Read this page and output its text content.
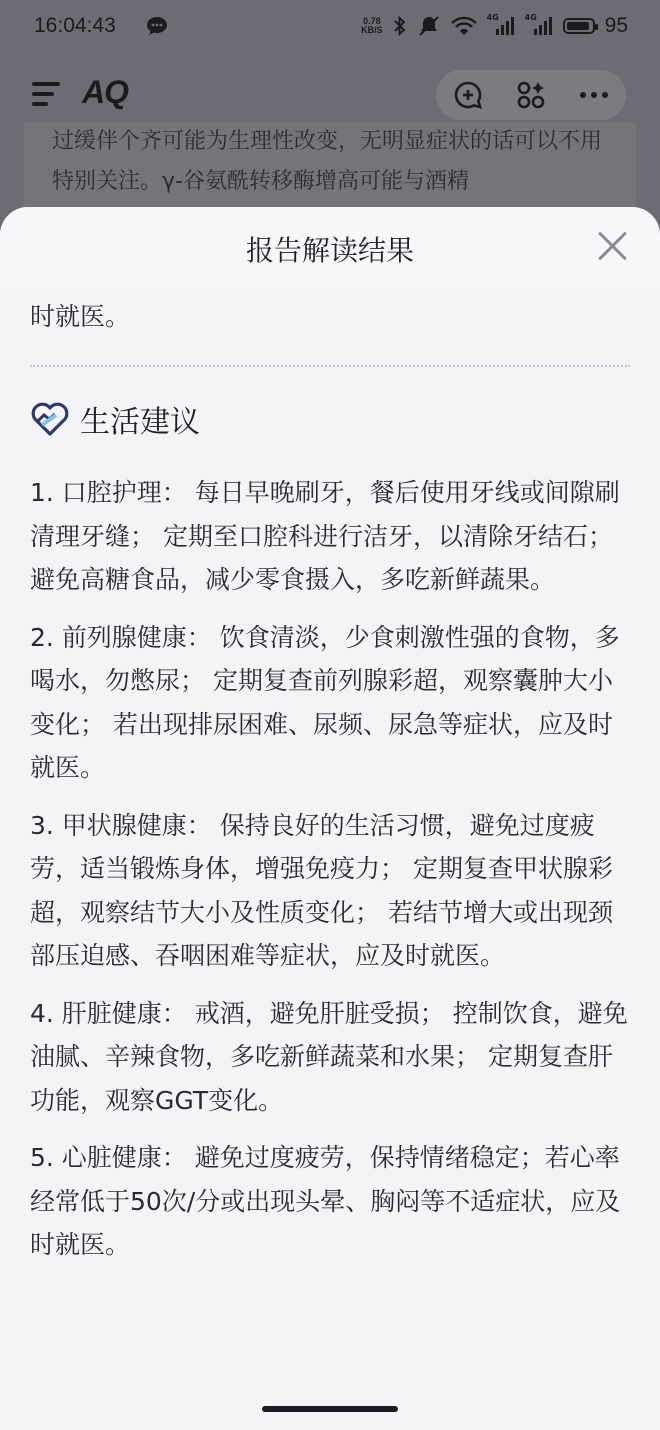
16:04:43	0.78
KB/S
4G	4G	95
AQ
过缓伴个齐可能为生理性改变，无明显症状的话可以不用特别关注。γ-谷氨酰转移酶增高可能与酒精
报告解读结果
时就医。
生活建议
1. 口腔护理： 每日早晚刷牙，餐后使用牙线或间隙刷清理牙缝； 定期至口腔科进行洁牙，以清除牙结石； 避免高糖食品，减少零食摄入，多吃新鲜蔬果。
2. 前列腺健康： 饮食清淡，少食刺激性强的食物，多喝水，勿憋尿； 定期复查前列腺彩超，观察囊肿大小变化； 若出现排尿困难、尿频、尿急等症状，应及时就医。
3. 甲状腺健康： 保持良好的生活习惯，避免过度疲劳，适当锻炼身体，增强免疫力； 定期复查甲状腺彩超，观察结节大小及性质变化； 若结节增大或出现颈部压迫感、吞咽困难等症状，应及时就医。
4. 肝脏健康： 戒酒，避免肝脏受损； 控制饮食，避免油腻、辛辣食物，多吃新鲜蔬菜和水果； 定期复查肝功能，观察GGT变化。
5. 心脏健康： 避免过度疲劳，保持情绪稳定；若心率经常低于50次/分或出现头晕、胸闷等不适症状，应及时就医。
